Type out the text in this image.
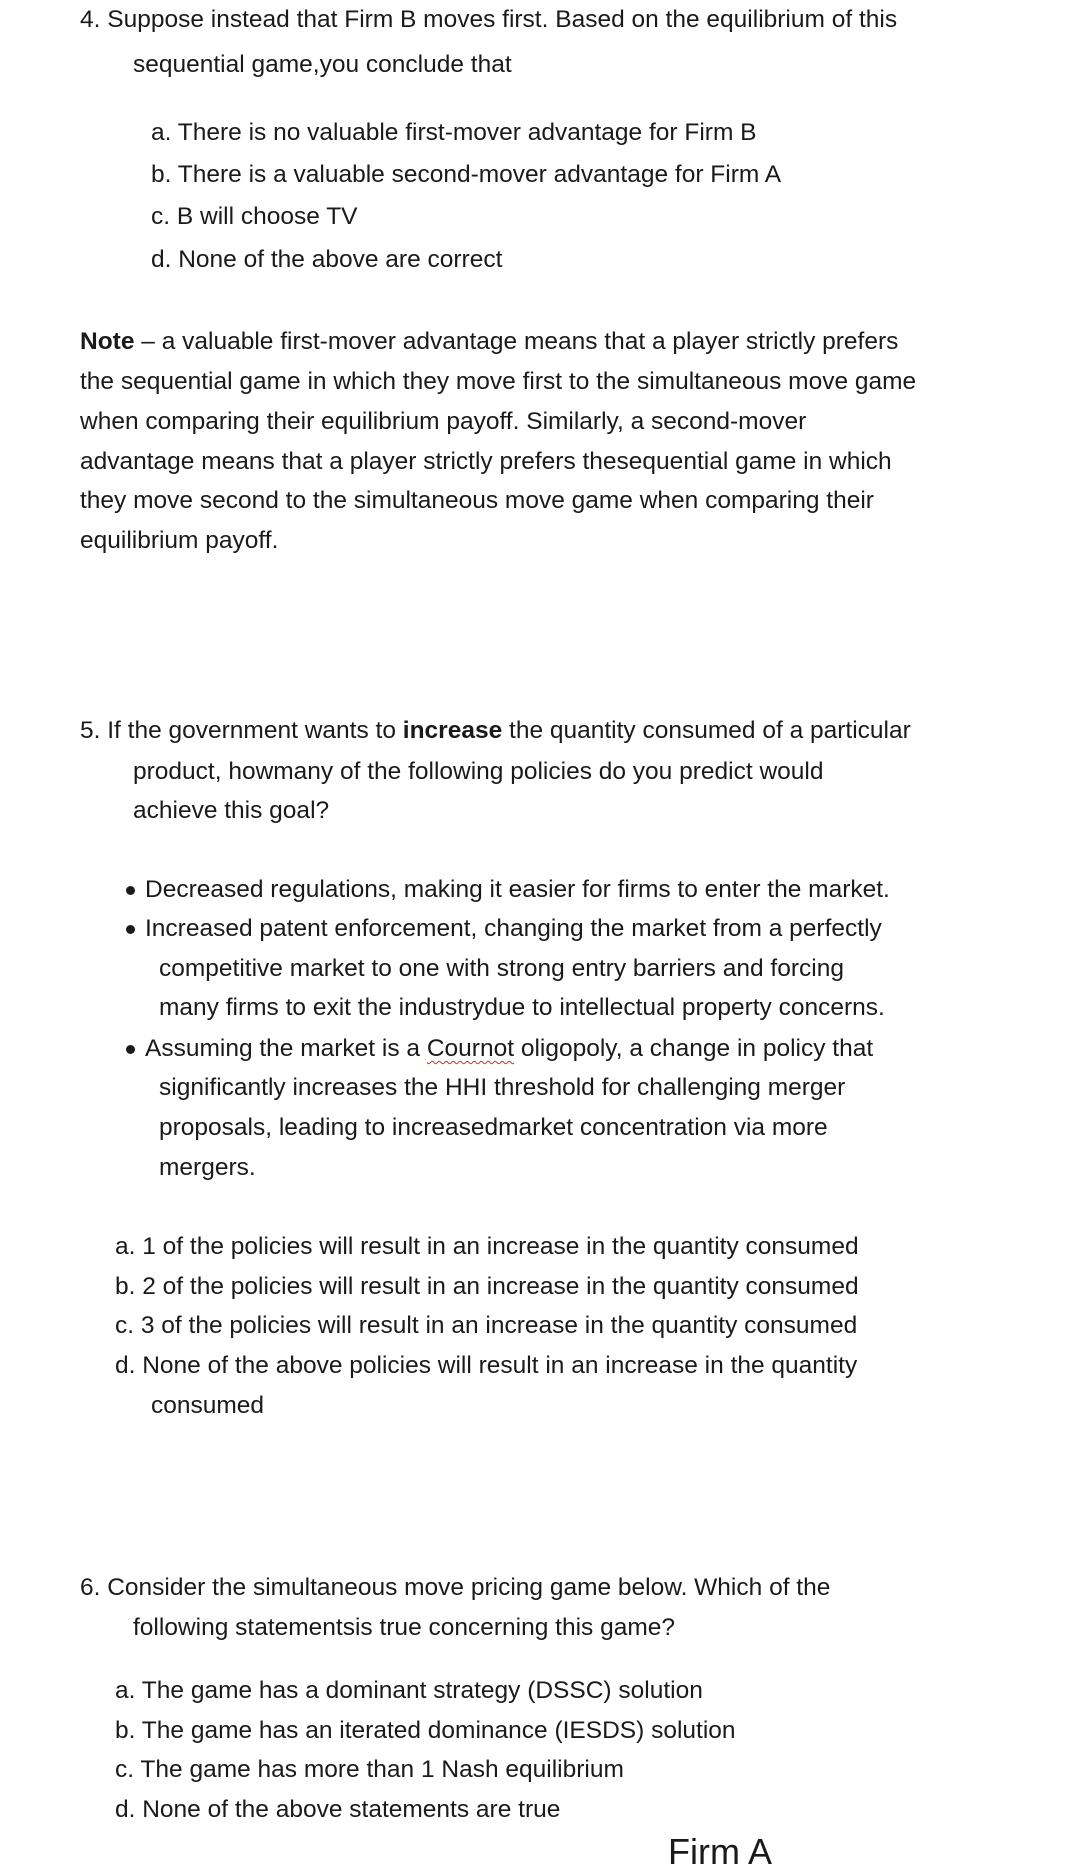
4. Suppose instead that Firm B moves first. Based on the equilibrium of this
sequential game,you conclude that
a. There is no valuable first-mover advantage for Firm B
b. There is a valuable second-mover advantage for Firm A
c. B will choose TV
d. None of the above are correct
Note – a valuable first-mover advantage means that a player strictly prefers
the sequential game in which they move first to the simultaneous move game
when comparing their equilibrium payoff. Similarly, a second-mover
advantage means that a player strictly prefers thesequential game in which
they move second to the simultaneous move game when comparing their
equilibrium payoff.
5. If the government wants to increase the quantity consumed of a particular
product, howmany of the following policies do you predict would
achieve this goal?
Decreased regulations, making it easier for firms to enter the market.
Increased patent enforcement, changing the market from a perfectly
competitive market to one with strong entry barriers and forcing
many firms to exit the industrydue to intellectual property concerns.
Assuming the market is a Cournot oligopoly, a change in policy that
significantly increases the HHI threshold for challenging merger
proposals, leading to increasedmarket concentration via more
mergers.
a. 1 of the policies will result in an increase in the quantity consumed
b. 2 of the policies will result in an increase in the quantity consumed
c. 3 of the policies will result in an increase in the quantity consumed
d. None of the above policies will result in an increase in the quantity
consumed
6. Consider the simultaneous move pricing game below. Which of the
following statementsis true concerning this game?
a. The game has a dominant strategy (DSSC) solution
b. The game has an iterated dominance (IESDS) solution
c. The game has more than 1 Nash equilibrium
d. None of the above statements are true
Firm A
